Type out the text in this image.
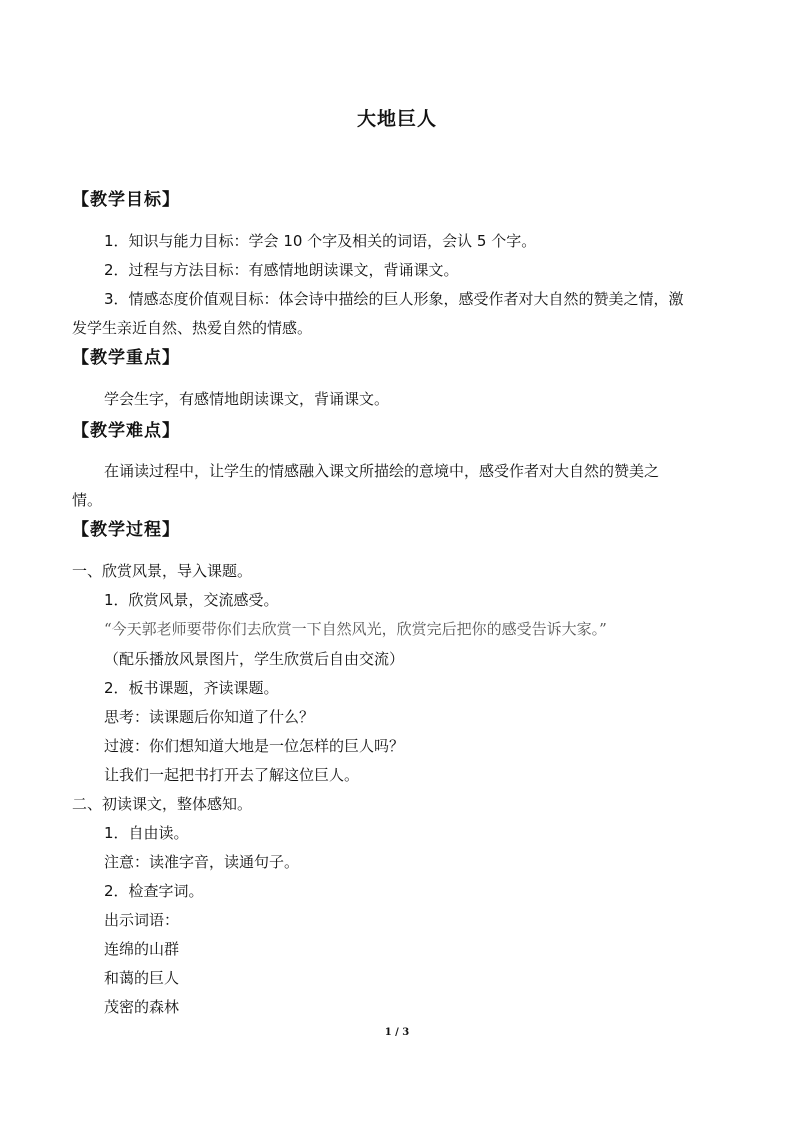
大地巨人
【教学目标】
1．知识与能力目标：学会 10 个字及相关的词语，会认 5 个字。
2．过程与方法目标：有感情地朗读课文，背诵课文。
3．情感态度价值观目标：体会诗中描绘的巨人形象，感受作者对大自然的赞美之情，激
发学生亲近自然、热爱自然的情感。
【教学重点】
学会生字，有感情地朗读课文，背诵课文。
【教学难点】
在诵读过程中，让学生的情感融入课文所描绘的意境中，感受作者对大自然的赞美之
情。
【教学过程】
一、欣赏风景，导入课题。
1．欣赏风景，交流感受。
“今天郭老师要带你们去欣赏一下自然风光，欣赏完后把你的感受告诉大家。”
（配乐播放风景图片，学生欣赏后自由交流）
2．板书课题，齐读课题。
思考：读课题后你知道了什么？
过渡：你们想知道大地是一位怎样的巨人吗？
让我们一起把书打开去了解这位巨人。
二、初读课文，整体感知。
1．自由读。
注意：读准字音，读通句子。
2．检查字词。
出示词语：
连绵的山群
和蔼的巨人
茂密的森林
1 / 3
